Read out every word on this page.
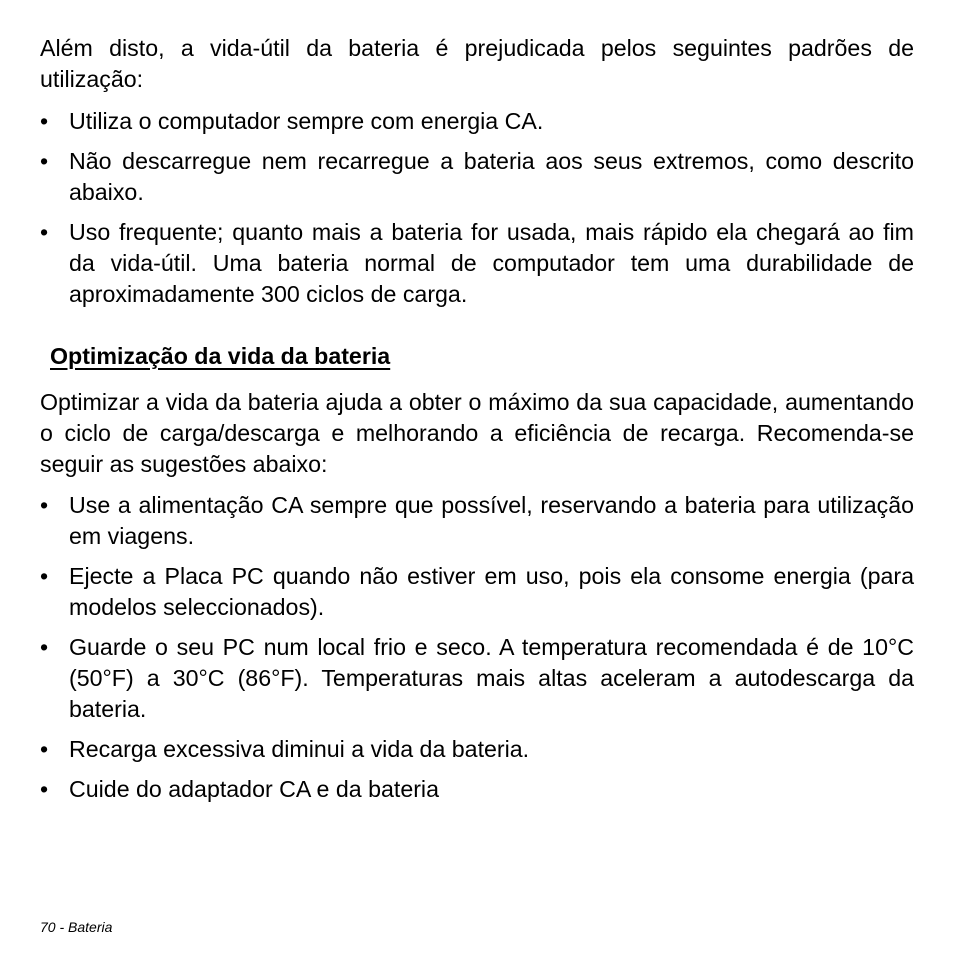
Além disto, a vida-útil da bateria é prejudicada pelos seguintes padrões de utilização:

• Utiliza o computador sempre com energia CA.
• Não descarregue nem recarregue a bateria aos seus extremos, como descrito abaixo.
• Uso frequente; quanto mais a bateria for usada, mais rápido ela chegará ao fim da vida-útil. Uma bateria normal de computador tem uma durabilidade de aproximadamente 300 ciclos de carga.
Optimização da vida da bateria

Optimizar a vida da bateria ajuda a obter o máximo da sua capacidade, aumentando o ciclo de carga/descarga e melhorando a eficiência de recarga. Recomenda-se seguir as sugestões abaixo:

• Use a alimentação CA sempre que possível, reservando a bateria para utilização em viagens.
• Ejecte a Placa PC quando não estiver em uso, pois ela consome energia (para modelos seleccionados).
• Guarde o seu PC num local frio e seco. A temperatura recomendada é de 10°C (50°F) a 30°C (86°F). Temperaturas mais altas aceleram a autodescarga da bateria.
• Recarga excessiva diminui a vida da bateria.
• Cuide do adaptador CA e da bateria
70 - Bateria
